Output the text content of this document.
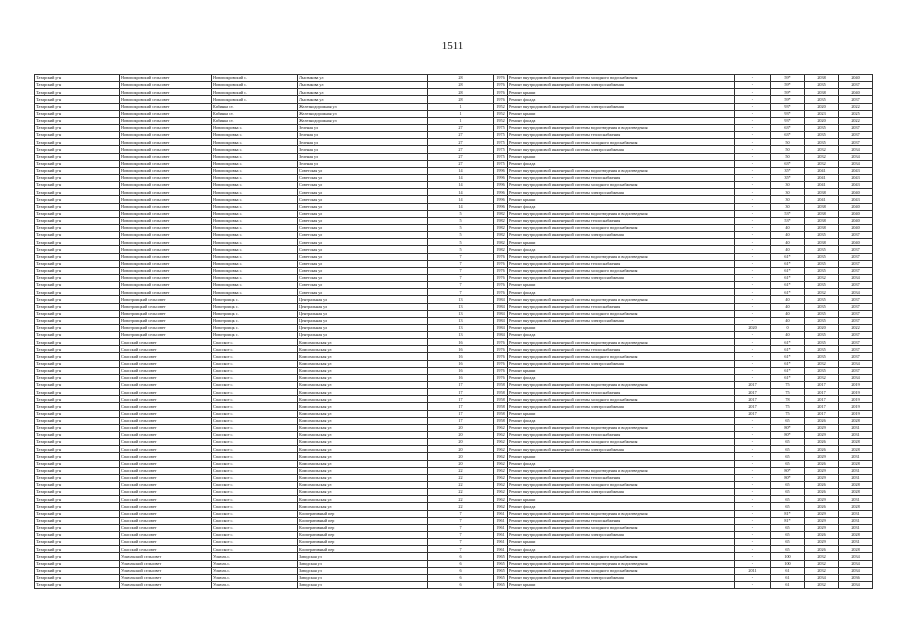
1511
Татарский р-н	Новопокровский сельсовет	Новопокровский с.	Лысенкова ул	28	1976	Ремонт внутридомовой инженерной системы холодного водоснабжения	-	59*	2038	2040
Татарский р-н	Новопокровский сельсовет	Новопокровский с.	Лысенкова ул	28	1976	Ремонт внутридомовой инженерной системы электроснабжения	-	59*	2035	2037
Татарский р-н	Новопокровский сельсовет	Новопокровский с.	Лысенкова ул	28	1976	Ремонт крыши	-	59*	2038	2040
Татарский р-н	Новопокровский сельсовет	Новопокровский с.	Лысенкова ул	28	1976	Ремонт фасада	-	59*	2035	2037
Татарский р-н	Новопокровский сельсовет	Кабинка ст.	Железнодорожная ул	1	1952	Ремонт внутридомовой инженерной системы электроснабжения	-	93*	2020	2022
Татарский р-н	Новопокровский сельсовет	Кабинка ст.	Железнодорожная ул	1	1952	Ремонт крыши	-	93*	2023	2025
Татарский р-н	Новопокровский сельсовет	Кабинка ст.	Железнодорожная ул	1	1952	Ремонт фасада	-	93*	2020	2022
Татарский р-н	Новопокровский сельсовет	Новопокровка с.	Зеленая ул	27	1975	Ремонт внутридомовой инженерной системы водоотведения и водоотведения	-	63*	2035	2037
Татарский р-н	Новопокровский сельсовет	Новопокровка с.	Зеленая ул	27	1975	Ремонт внутридомовой инженерной системы теплоснабжения	-	63*	2035	2037
Татарский р-н	Новопокровский сельсовет	Новопокровка с.	Зеленая ул	27	1975	Ремонт внутридомовой инженерной системы холодного водоснабжения	-	50	2035	2037
Татарский р-н	Новопокровский сельсовет	Новопокровка с.	Зеленая ул	27	1975	Ремонт внутридомовой инженерной системы электроснабжения	-	50	2032	2034
Татарский р-н	Новопокровский сельсовет	Новопокровка с.	Зеленая ул	27	1975	Ремонт крыши	-	50	2032	2034
Татарский р-н	Новопокровский сельсовет	Новопокровка с.	Зеленая ул	27	1975	Ремонт фасада	-	63*	2032	2034
Татарский р-н	Новопокровский сельсовет	Новопокровка с.	Советская ул	14	1996	Ремонт внутридомовой инженерной системы водоотведения и водоотведения	-	35*	2041	2043
Татарский р-н	Новопокровский сельсовет	Новопокровка с.	Советская ул	14	1996	Ремонт внутридомовой инженерной системы теплоснабжения	-	35*	2041	2043
Татарский р-н	Новопокровский сельсовет	Новопокровка с.	Советская ул	14	1996	Ремонт внутридомовой инженерной системы холодного водоснабжения	-	30	2041	2043
Татарский р-н	Новопокровский сельсовет	Новопокровка с.	Советская ул	14	1996	Ремонт внутридомовой инженерной системы электроснабжения	-	30	2038	2040
Татарский р-н	Новопокровский сельсовет	Новопокровка с.	Советская ул	14	1996	Ремонт крыши	-	30	2041	2043
Татарский р-н	Новопокровский сельсовет	Новопокровка с.	Советская ул	14	1996	Ремонт фасада	-	30	2038	2040
Татарский р-н	Новопокровский сельсовет	Новопокровка с.	Советская ул	5	1982	Ремонт внутридомовой инженерной системы водоотведения и водоотведения	-	53*	2038	2040
Татарский р-н	Новопокровский сельсовет	Новопокровка с.	Советская ул	5	1982	Ремонт внутридомовой инженерной системы теплоснабжения	-	53*	2038	2040
Татарский р-н	Новопокровский сельсовет	Новопокровка с.	Советская ул	5	1982	Ремонт внутридомовой инженерной системы холодного водоснабжения	-	40	2038	2040
Татарский р-н	Новопокровский сельсовет	Новопокровка с.	Советская ул	5	1982	Ремонт внутридомовой инженерной системы электроснабжения	-	40	2035	2037
Татарский р-н	Новопокровский сельсовет	Новопокровка с.	Советская ул	5	1982	Ремонт крыши	-	40	2038	2040
Татарский р-н	Новопокровский сельсовет	Новопокровка с.	Советская ул	5	1982	Ремонт фасада	-	40	2035	2037
Татарский р-н	Новопокровский сельсовет	Новопокровка с.	Советская ул	7	1976	Ремонт внутридомовой инженерной системы водоотведения и водоотведения	-	61*	2035	2037
Татарский р-н	Новопокровский сельсовет	Новопокровка с.	Советская ул	7	1976	Ремонт внутридомовой инженерной системы теплоснабжения	-	61*	2035	2037
Татарский р-н	Новопокровский сельсовет	Новопокровка с.	Советская ул	7	1976	Ремонт внутридомовой инженерной системы холодного водоснабжения	-	61*	2035	2037
Татарский р-н	Новопокровский сельсовет	Новопокровка с.	Советская ул	7	1976	Ремонт внутридомовой инженерной системы электроснабжения	-	61*	2032	2034
Татарский р-н	Новопокровский сельсовет	Новопокровка с.	Советская ул	7	1976	Ремонт крыши	-	61*	2035	2037
Татарский р-н	Новопокровский сельсовет	Новопокровка с.	Советская ул	7	1976	Ремонт фасада	-	61*	2032	2034
Татарский р-н	Новотроицкий сельсовет	Новотроицк с.	Центральная ул	13	1984	Ремонт внутридомовой инженерной системы водоотведения и водоотведения	-	40	2035	2037
Татарский р-н	Новотроицкий сельсовет	Новотроицк с.	Центральная ул	13	1984	Ремонт внутридомовой инженерной системы теплоснабжения	-	40	2035	2037
Татарский р-н	Новотроицкий сельсовет	Новотроицк с.	Центральная ул	13	1984	Ремонт внутридомовой инженерной системы холодного водоснабжения	-	40	2035	2037
Татарский р-н	Новотроицкий сельсовет	Новотроицк с.	Центральная ул	13	1984	Ремонт внутридомовой инженерной системы электроснабжения	-	40	2035	2037
Татарский р-н	Новотроицкий сельсовет	Новотроицк с.	Центральная ул	13	1984	Ремонт крыши	2020	0	2020	2022
Татарский р-н	Новотроицкий сельсовет	Новотроицк с.	Центральная ул	13	1984	Ремонт фасада	-	40	2035	2037
Татарский р-н	Спасский сельсовет	Спасское с.	Комсомольская ул	16	1976	Ремонт внутридомовой инженерной системы водоотведения и водоотведения	-	61*	2035	2037
Татарский р-н	Спасский сельсовет	Спасское с.	Комсомольская ул	16	1976	Ремонт внутридомовой инженерной системы теплоснабжения	-	61*	2035	2037
Татарский р-н	Спасский сельсовет	Спасское с.	Комсомольская ул	16	1976	Ремонт внутридомовой инженерной системы холодного водоснабжения	-	61*	2035	2037
Татарский р-н	Спасский сельсовет	Спасское с.	Комсомольская ул	16	1976	Ремонт внутридомовой инженерной системы электроснабжения	-	61*	2032	2034
Татарский р-н	Спасский сельсовет	Спасское с.	Комсомольская ул	16	1976	Ремонт крыши	-	61*	2035	2037
Татарский р-н	Спасский сельсовет	Спасское с.	Комсомольская ул	16	1976	Ремонт фасада	-	61*	2032	2034
Татарский р-н	Спасский сельсовет	Спасское с.	Комсомольская ул	17	1958	Ремонт внутридомовой инженерной системы водоотведения и водоотведения	2017	75	2017	2019
Татарский р-н	Спасский сельсовет	Спасское с.	Комсомольская ул	17	1958	Ремонт внутридомовой инженерной системы теплоснабжения	2017	75	2017	2019
Татарский р-н	Спасский сельсовет	Спасское с.	Комсомольская ул	17	1958	Ремонт внутридомовой инженерной системы холодного водоснабжения	2017	78	2017	2019
Татарский р-н	Спасский сельсовет	Спасское с.	Комсомольская ул	17	1958	Ремонт внутридомовой инженерной системы электроснабжения	2017	75	2017	2019
Татарский р-н	Спасский сельсовет	Спасское с.	Комсомольская ул	17	1958	Ремонт крыши	2017	75	2017	2019
Татарский р-н	Спасский сельсовет	Спасское с.	Комсомольская ул	17	1958	Ремонт фасада	-	65	2026	2028
Татарский р-н	Спасский сельсовет	Спасское с.	Комсомольская ул	20	1962	Ремонт внутридомовой инженерной системы водоотведения и водоотведения	-	80*	2029	2031
Татарский р-н	Спасский сельсовет	Спасское с.	Комсомольская ул	20	1962	Ремонт внутридомовой инженерной системы теплоснабжения	-	80*	2029	2031
Татарский р-н	Спасский сельсовет	Спасское с.	Комсомольская ул	20	1962	Ремонт внутридомовой инженерной системы холодного водоснабжения	-	65	2026	2028
Татарский р-н	Спасский сельсовет	Спасское с.	Комсомольская ул	20	1962	Ремонт внутридомовой инженерной системы электроснабжения	-	65	2026	2028
Татарский р-н	Спасский сельсовет	Спасское с.	Комсомольская ул	20	1962	Ремонт крыши	-	65	2029	2031
Татарский р-н	Спасский сельсовет	Спасское с.	Комсомольская ул	20	1962	Ремонт фасада	-	65	2026	2028
Татарский р-н	Спасский сельсовет	Спасское с.	Комсомольская ул	22	1962	Ремонт внутридомовой инженерной системы водоотведения и водоотведения	-	80*	2029	2031
Татарский р-н	Спасский сельсовет	Спасское с.	Комсомольская ул	22	1962	Ремонт внутридомовой инженерной системы теплоснабжения	-	80*	2029	2031
Татарский р-н	Спасский сельсовет	Спасское с.	Комсомольская ул	22	1962	Ремонт внутридомовой инженерной системы холодного водоснабжения	-	65	2026	2028
Татарский р-н	Спасский сельсовет	Спасское с.	Комсомольская ул	22	1962	Ремонт внутридомовой инженерной системы электроснабжения	-	65	2026	2028
Татарский р-н	Спасский сельсовет	Спасское с.	Комсомольская ул	22	1962	Ремонт крыши	-	65	2029	2031
Татарский р-н	Спасский сельсовет	Спасское с.	Комсомольская ул	22	1962	Ремонт фасада	-	65	2026	2028
Татарский р-н	Спасский сельсовет	Спасское с.	Кооперативный пер	7	1961	Ремонт внутридомовой инженерной системы водоотведения и водоотведения	-	81*	2029	2031
Татарский р-н	Спасский сельсовет	Спасское с.	Кооперативный пер	7	1961	Ремонт внутридомовой инженерной системы теплоснабжения	-	81*	2029	2031
Татарский р-н	Спасский сельсовет	Спасское с.	Кооперативный пер	7	1961	Ремонт внутридомовой инженерной системы холодного водоснабжения	-	65	2029	2031
Татарский р-н	Спасский сельсовет	Спасское с.	Кооперативный пер	7	1961	Ремонт внутридомовой инженерной системы электроснабжения	-	65	2026	2028
Татарский р-н	Спасский сельсовет	Спасское с.	Кооперативный пер	7	1961	Ремонт крыши	-	65	2029	2031
Татарский р-н	Спасский сельсовет	Спасское с.	Кооперативный пер	7	1961	Ремонт фасада	-	65	2026	2028
Татарский р-н	Ускюльский сельсовет	Ускюль с.	Заводская ул	6	1965	Ремонт внутридомовой инженерной системы холодного водоснабжения	-	100	2032	2034
Татарский р-н	Ускюльский сельсовет	Ускюль с.	Заводская ул	6	1965	Ремонт внутридомовой инженерной системы водоотведения и водоотведения	-	100	2032	2034
Татарский р-н	Ускюльский сельсовет	Ускюль с.	Заводская ул	6	1965	Ремонт внутридомовой инженерной системы холодного водоснабжения	2011	61	2032	2034
Татарский р-н	Ускюльский сельсовет	Ускюль с.	Заводская ул	6	1965	Ремонт внутридомовой инженерной системы электроснабжения	-	61	2034	2036
Татарский р-н	Ускюльский сельсовет	Ускюль с.	Заводская ул	6	1965	Ремонт крыши	-	61	2032	2034
